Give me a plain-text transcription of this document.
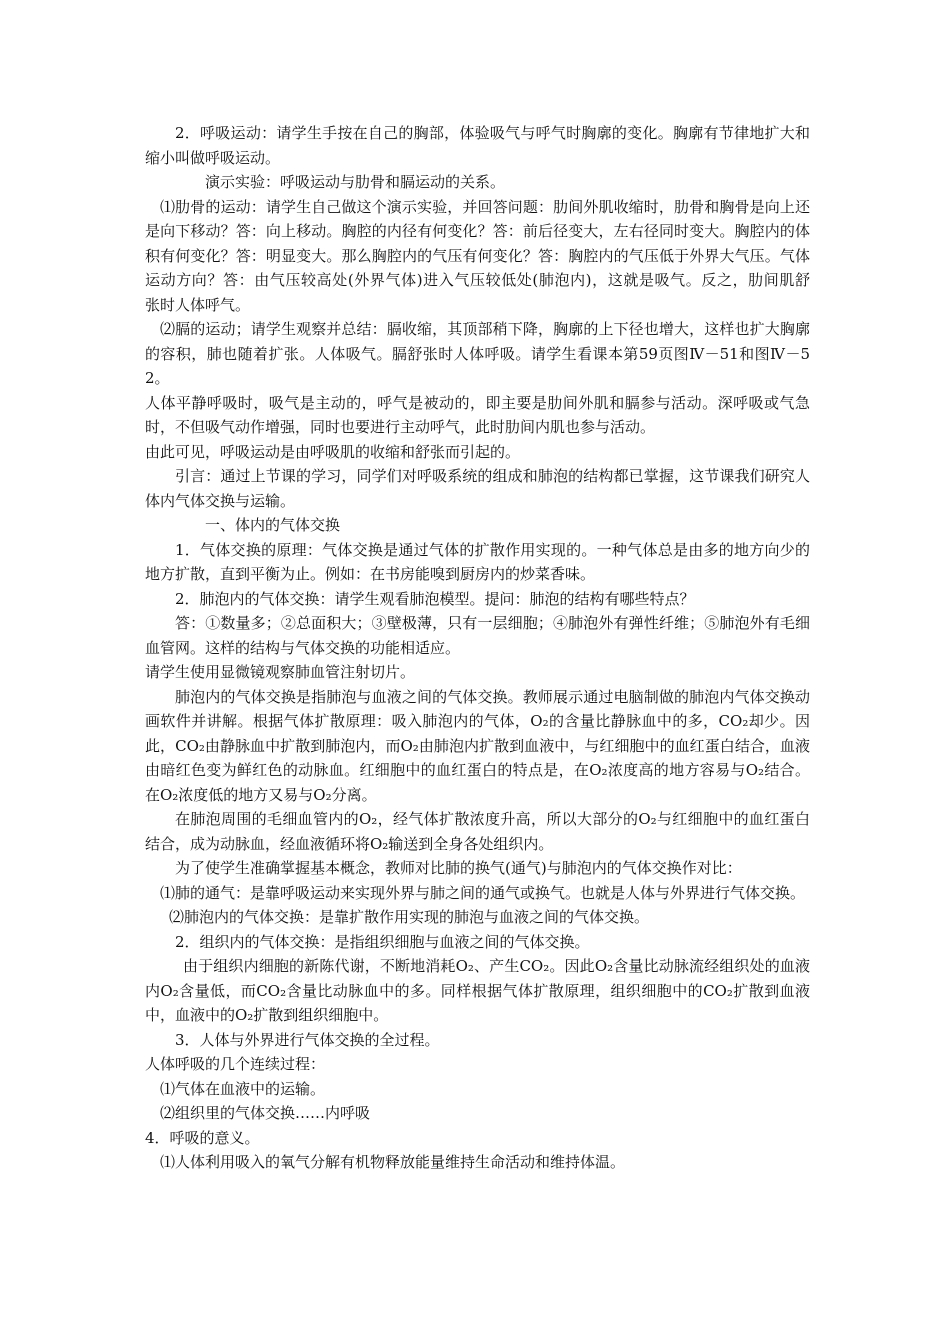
2．呼吸运动：请学生手按在自己的胸部，体验吸气与呼气时胸廓的变化。胸廓有节律地扩大和缩小叫做呼吸运动。

演示实验：呼吸运动与肋骨和膈运动的关系。

⑴肋骨的运动：请学生自己做这个演示实验，并回答问题：肋间外肌收缩时，肋骨和胸骨是向上还是向下移动？答：向上移动。胸腔的内径有何变化？答：前后径变大，左右径同时变大。胸腔内的体积有何变化？答：明显变大。那么胸腔内的气压有何变化？答：胸腔内的气压低于外界大气压。气体运动方向？答：由气压较高处(外界气体)进入气压较低处(肺泡内)，这就是吸气。反之，肋间肌舒　张时人体呼气。

⑵膈的运动；请学生观察并总结：膈收缩，其顶部稍下降，胸廓的上下径也增大，这样也扩大胸廓的容积，肺也随着扩张。人体吸气。膈舒张时人体呼吸。请学生看课本第59页图Ⅳ－51和图Ⅳ－52。

人体平静呼吸时，吸气是主动的，呼气是被动的，即主要是肋间外肌和膈参与活动。深呼吸或气急时，不但吸气动作增强，同时也要进行主动呼气，此时肋间内肌也参与活动。

由此可见，呼吸运动是由呼吸肌的收缩和舒张而引起的。

引言：通过上节课的学习，同学们对呼吸系统的组成和肺泡的结构都已掌握，这节课我们研究人体内气体交换与运输。

一、体内的气体交换

1．气体交换的原理：气体交换是通过气体的扩散作用实现的。一种气体总是由多的地方向少的地方扩散，直到平衡为止。例如：在书房能嗅到厨房内的炒菜香味。

2．肺泡内的气体交换：请学生观看肺泡模型。提问：肺泡的结构有哪些特点？

答：①数量多；②总面积大；③壁极薄，只有一层细胞；④肺泡外有弹性纤维；⑤肺泡外有毛细血管网。这样的结构与气体交换的功能相适应。

请学生使用显微镜观察肺血管注射切片。

肺泡内的气体交换是指肺泡与血液之间的气体交换。教师展示通过电脑制做的肺泡内气体交换动画软件并讲解。根据气体扩散原理：吸入肺泡内的气体，O₂的含量比静脉血中的多，CO₂却少。因此，CO₂由静脉血中扩散到肺泡内，而O₂由肺泡内扩散到血液中，与红细胞中的血红蛋白结合，血液由暗红色变为鲜红色的动脉血。红细胞中的血红蛋白的特点是，在O₂浓度高的地方容易与O₂结合。在O₂浓度低的地方又易与O₂分离。

在肺泡周围的毛细血管内的O₂，经气体扩散浓度升高，所以大部分的O₂与红细胞中的血红蛋白结合，成为动脉血，经血液循环将O₂输送到全身各处组织内。

为了使学生准确掌握基本概念，教师对比肺的换气(通气)与肺泡内的气体交换作对比：

⑴肺的通气：是靠呼吸运动来实现外界与肺之间的通气或换气。也就是人体与外界进行气体交换。

⑵肺泡内的气体交换：是靠扩散作用实现的肺泡与血液之间的气体交换。

2．组织内的气体交换：是指组织细胞与血液之间的气体交换。

由于组织内细胞的新陈代谢，不断地消耗O₂、产生CO₂。因此O₂含量比动脉流经组织处的血液内O₂含量低，而CO₂含量比动脉血中的多。同样根据气体扩散原理，组织细胞中的CO₂扩散到血液中，血液中的O₂扩散到组织细胞中。

3．人体与外界进行气体交换的全过程。

人体呼吸的几个连续过程：

⑴气体在血液中的运输。

⑵组织里的气体交换……内呼吸

4．呼吸的意义。

⑴人体利用吸入的氧气分解有机物释放能量维持生命活动和维持体温。
